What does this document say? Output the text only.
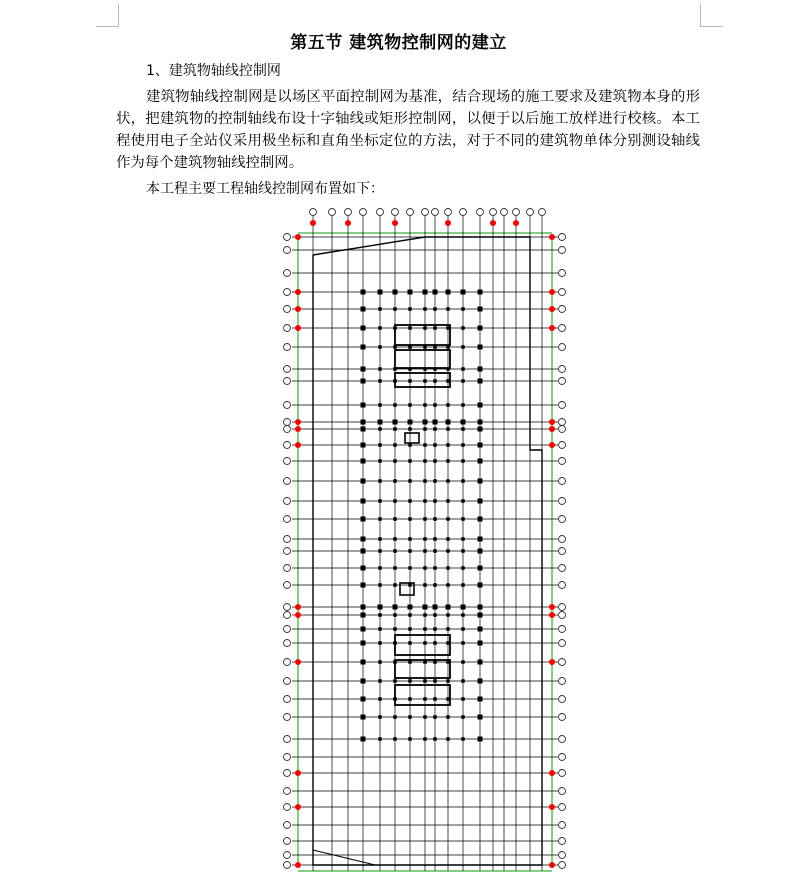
第五节 建筑物控制网的建立
1、建筑物轴线控制网
建筑物轴线控制网是以场区平面控制网为基准，结合现场的施工要求及建筑物本身的形状，把建筑物的控制轴线布设十字轴线或矩形控制网，以便于以后施工放样进行校核。本工程使用电子全站仪采用极坐标和直角坐标定位的方法，对于不同的建筑物单体分别测设轴线作为每个建筑物轴线控制网。
本工程主要工程轴线控制网布置如下：
